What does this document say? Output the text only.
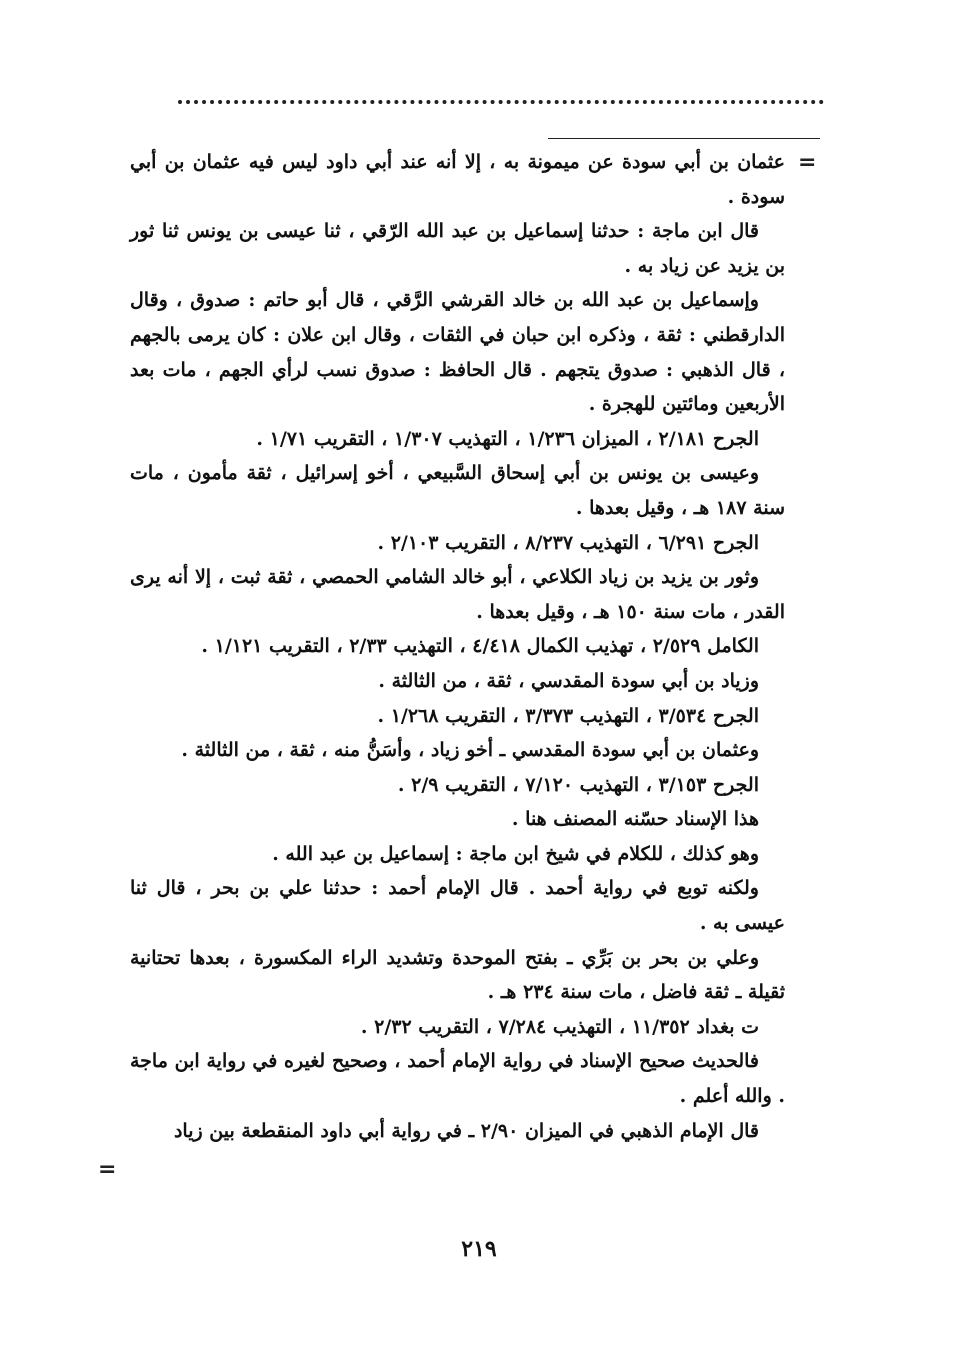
=

عثمان بن أبي سودة عن ميمونة به ، إلا أنه عند أبي داود ليس فيه عثمان بن أبي سودة .

قال ابن ماجة : حدثنا إسماعيل بن عبد الله الرّقي ، ثنا عيسى بن يونس ثنا ثور بن يزيد عن زياد به .

وإسماعيل بن عبد الله بن خالد القرشي الرَّقي ، قال أبو حاتم : صدوق ، وقال الدارقطني : ثقة ، وذكره ابن حبان في الثقات ، وقال ابن علان : كان يرمى بالجهم ، قال الذهبي : صدوق يتجهم . قال الحافظ : صدوق نسب لرأي الجهم ، مات بعد الأربعين ومائتين للهجرة .

الجرح ٢/١٨١ ، الميزان ١/٢٣٦ ، التهذيب ١/٣٠٧ ، التقريب ١/٧١ .

وعيسى بن يونس بن أبي إسحاق السَّبيعي ، أخو إسرائيل ، ثقة مأمون ، مات سنة ١٨٧ هـ ، وقيل بعدها .

الجرح ٦/٢٩١ ، التهذيب ٨/٢٣٧ ، التقريب ٢/١٠٣ .

وثور بن يزيد بن زياد الكلاعي ، أبو خالد الشامي الحمصي ، ثقة ثبت ، إلا أنه يرى القدر ، مات سنة ١٥٠ هـ ، وقيل بعدها .

الكامل ٢/٥٢٩ ، تهذيب الكمال ٤/٤١٨ ، التهذيب ٢/٣٣ ، التقريب ١/١٢١ .

وزياد بن أبي سودة المقدسي ، ثقة ، من الثالثة .

الجرح ٣/٥٣٤ ، التهذيب ٣/٣٧٣ ، التقريب ١/٢٦٨ .

وعثمان بن أبي سودة المقدسي ـ أخو زياد ، وأسَنُّ منه ، ثقة ، من الثالثة .

الجرح ٣/١٥٣ ، التهذيب ٧/١٢٠ ، التقريب ٢/٩ .

هذا الإسناد حسّنه المصنف هنا .

وهو كذلك ، للكلام في شيخ ابن ماجة : إسماعيل بن عبد الله .

ولكنه توبع في رواية أحمد . قال الإمام أحمد : حدثنا علي بن بحر ، قال ثنا عيسى به .

وعلي بن بحر بن بَرِّي ـ بفتح الموحدة وتشديد الراء المكسورة ، بعدها تحتانية ثقيلة ـ ثقة فاضل ، مات سنة ٢٣٤ هـ .

ت بغداد ١١/٣٥٢ ، التهذيب ٧/٢٨٤ ، التقريب ٢/٣٢ .

فالحديث صحيح الإسناد في رواية الإمام أحمد ، وصحيح لغيره في رواية ابن ماجة . والله أعلم .

قال الإمام الذهبي في الميزان ٢/٩٠ ـ في رواية أبي داود المنقطعة بين زياد

=
٢١٩
